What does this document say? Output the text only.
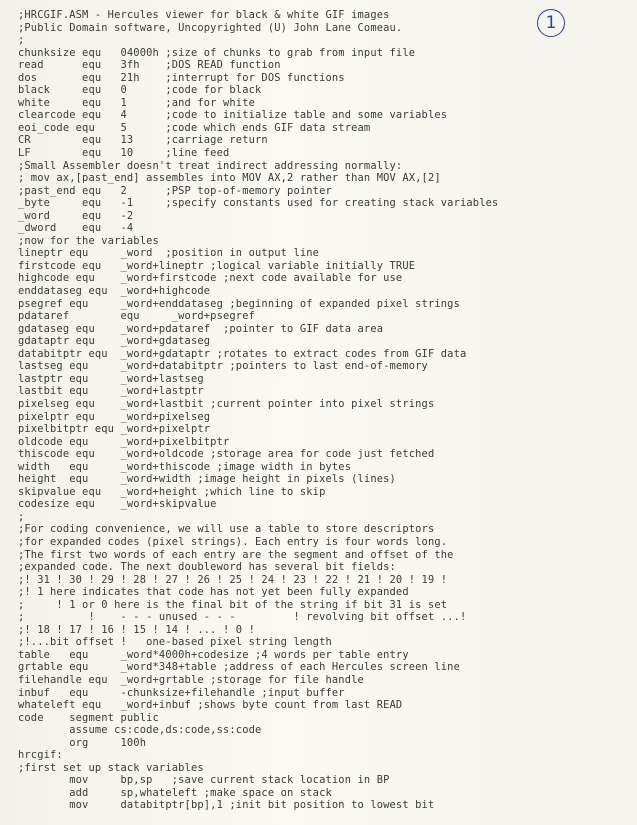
1
;HRCGIF.ASM - Hercules viewer for black & white GIF images
;Public Domain software, Uncopyrighted (U) John Lane Comeau.
;
chunksize equ   04000h ;size of chunks to grab from input file
read      equ   3fh    ;DOS READ function
dos       equ   21h    ;interrupt for DOS functions
black     equ   0      ;code for black
white     equ   1      ;and for white
clearcode equ   4      ;code to initialize table and some variables
eoi_code equ    5      ;code which ends GIF data stream
CR        equ   13     ;carriage return
LF        equ   10     ;line feed
;Small Assembler doesn't treat indirect addressing normally:
; mov ax,[past_end] assembles into MOV AX,2 rather than MOV AX,[2]
;past_end equ   2      ;PSP top-of-memory pointer
_byte     equ   -1     ;specify constants used for creating stack variables
_word     equ   -2
_dword    equ   -4
;now for the variables
lineptr equ     _word  ;position in output line
firstcode equ   _word+lineptr ;logical variable initially TRUE
highcode equ    _word+firstcode ;next code available for use
enddataseg equ  _word+highcode
psegref equ     _word+enddataseg ;beginning of expanded pixel strings
pdataref        equ     _word+psegref
gdataseg equ    _word+pdataref  ;pointer to GIF data area
gdataptr equ    _word+gdataseg
databitptr equ  _word+gdataptr ;rotates to extract codes from GIF data
lastseg equ     _word+databitptr ;pointers to last end-of-memory
lastptr equ     _word+lastseg
lastbit equ     _word+lastptr
pixelseg equ    _word+lastbit ;current pointer into pixel strings
pixelptr equ    _word+pixelseg
pixelbitptr equ _word+pixelptr
oldcode equ     _word+pixelbitptr
thiscode equ    _word+oldcode ;storage area for code just fetched
width   equ     _word+thiscode ;image width in bytes
height  equ     _word+width ;image height in pixels (lines)
skipvalue equ   _word+height ;which line to skip
codesize equ    _word+skipvalue
;
;For coding convenience, we will use a table to store descriptors
;for expanded codes (pixel strings). Each entry is four words long.
;The first two words of each entry are the segment and offset of the
;expanded code. The next doubleword has several bit fields:
;! 31 ! 30 ! 29 ! 28 ! 27 ! 26 ! 25 ! 24 ! 23 ! 22 ! 21 ! 20 ! 19 !
;! 1 here indicates that code has not yet been fully expanded
;     ! 1 or 0 here is the final bit of the string if bit 31 is set
;          !    - - - unused - - -         ! revolving bit offset ...!
;! 18 ! 17 ! 16 ! 15 ! 14 ! ... ! 0 !
;!...bit offset !   one-based pixel string length
table   equ     _word*4000h+codesize ;4 words per table entry
grtable equ     _word*348+table ;address of each Hercules screen line
filehandle equ  _word+grtable ;storage for file handle
inbuf   equ     -chunksize+filehandle ;input buffer
whateleft equ   _word+inbuf ;shows byte count from last READ
code    segment public
assume cs:code,ds:code,ss:code
org     100h
hrcgif:
;first set up stack variables
mov     bp,sp   ;save current stack location in BP
add     sp,whateleft ;make space on stack
mov     databitptr[bp],1 ;init bit position to lowest bit
